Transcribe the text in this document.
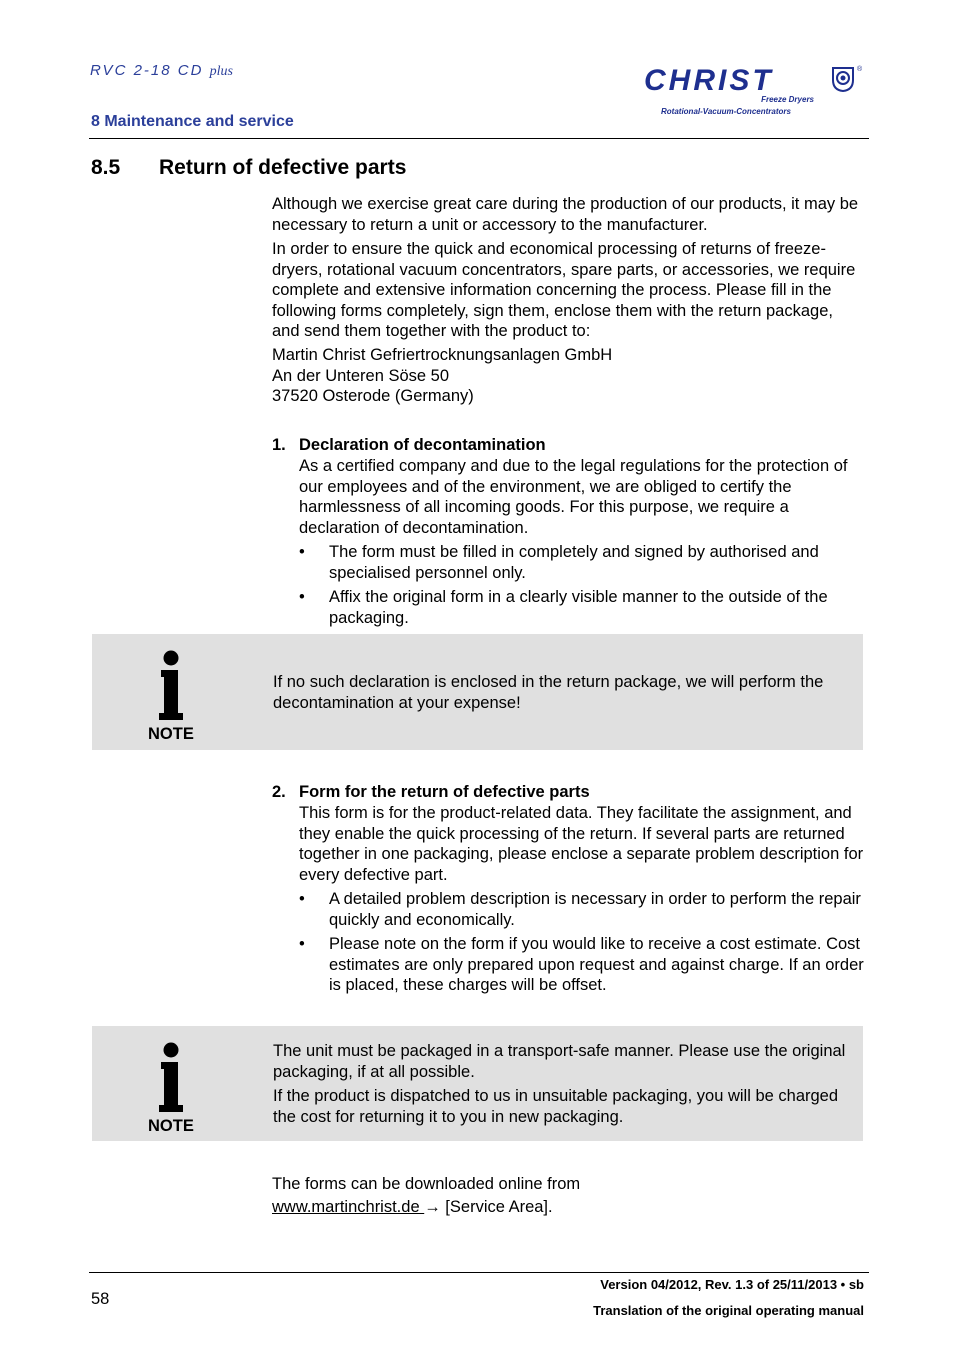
RVC 2-18 CD plus
8 Maintenance and service
CHRIST	®
Freeze Dryers
Rotational-Vacuum-Concentrators
8.5 Return of defective parts
Although we exercise great care during the production of our products, it may be necessary to return a unit or accessory to the manufacturer.
In order to ensure the quick and economical processing of returns of freeze-dryers, rotational vacuum concentrators, spare parts, or accessories, we require complete and extensive information concerning the process. Please fill in the following forms completely, sign them, enclose them with the return package, and send them together with the product to:
Martin Christ Gefriertrocknungsanlagen GmbH
An der Unteren Söse 50
37520 Osterode (Germany)
1. Declaration of decontamination
As a certified company and due to the legal regulations for the protection of our employees and of the environment, we are obliged to certify the harmlessness of all incoming goods. For this purpose, we require a declaration of decontamination.
•	The form must be filled in completely and signed by authorised and specialised personnel only.
•	Affix the original form in a clearly visible manner to the outside of the packaging.
NOTE
If no such declaration is enclosed in the return package, we will perform the decontamination at your expense!
2. Form for the return of defective parts
This form is for the product-related data. They facilitate the assignment, and they enable the quick processing of the return. If several parts are returned together in one packaging, please enclose a separate problem description for every defective part.
•	A detailed problem description is necessary in order to perform the repair quickly and economically.
•	Please note on the form if you would like to receive a cost estimate. Cost estimates are only prepared upon request and against charge. If an order is placed, these charges will be offset.
NOTE
The unit must be packaged in a transport-safe manner. Please use the original packaging, if at all possible.
If the product is dispatched to us in unsuitable packaging, you will be charged the cost for returning it to you in new packaging.
The forms can be downloaded online from
www.martinchrist.de → [Service Area].
58
Version 04/2012, Rev. 1.3 of 25/11/2013 • sb
Translation of the original operating manual
